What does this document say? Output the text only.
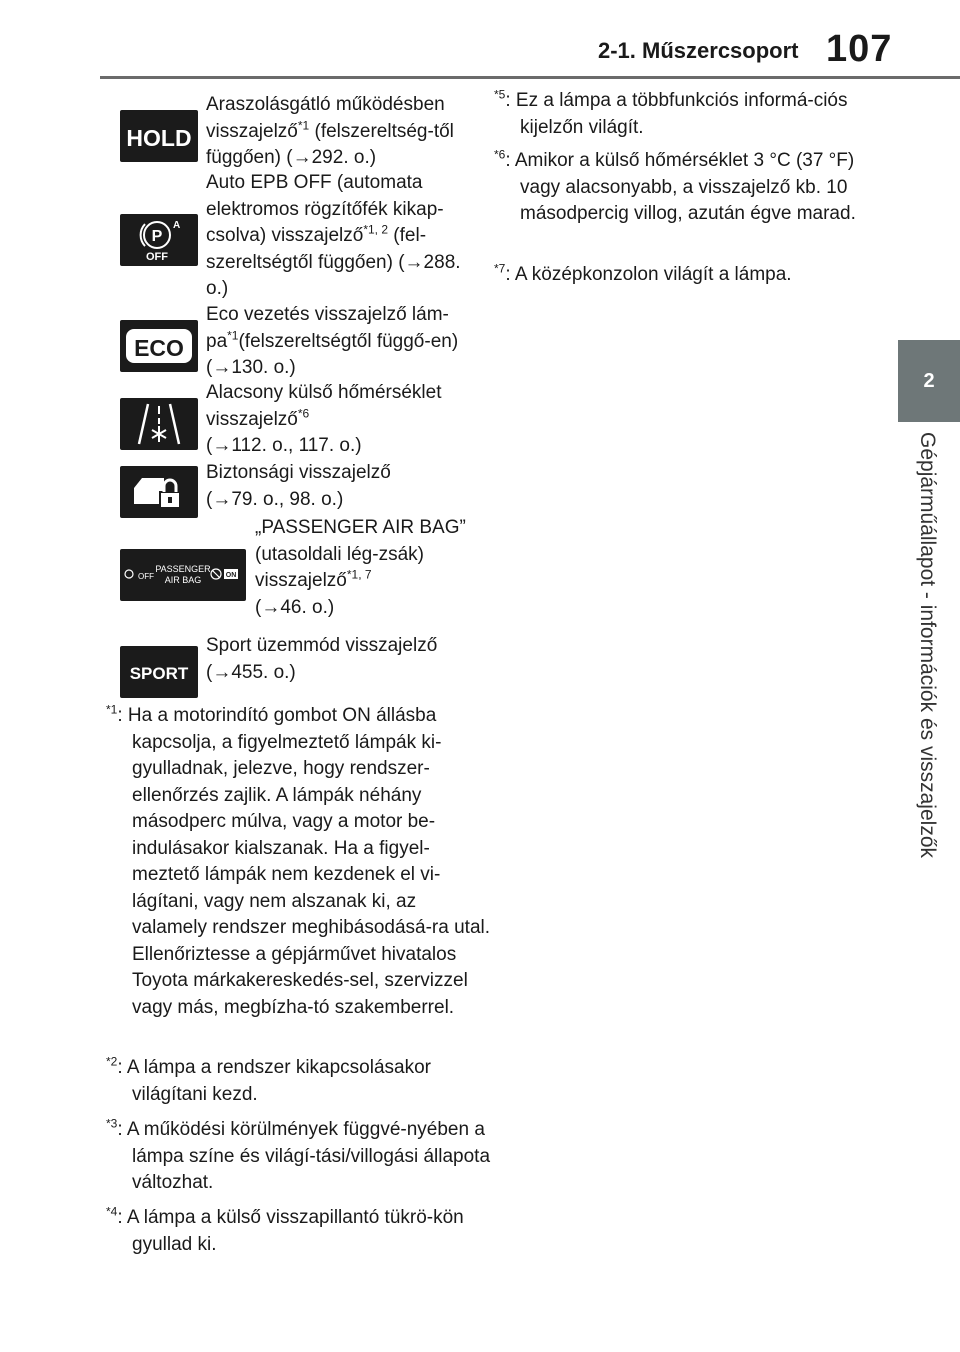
2-1. Műszercsoport 107
2
Gépjárműállapot - információk és visszajelzők
HOLD
P
A
OFF
ECO
PASSENGER
AIR BAG
OFF	ON
SPORT
Araszolásgátló működésben visszajelző$^{*1}$ (felszereltség-től függően) (→292. o.)
Auto EPB OFF (automata elektromos rögzítőfék kikap-csolva) visszajelző$^{*1, 2}$ (fel-szereltségtől függően) (→288. o.)
Eco vezetés visszajelző lám-$pa^{*1}(felszereltségtől$ függő-en) (→130. o.)
Alacsony külső hőmérséklet visszajelző$^{*6}$
(→112. o., 117. o.)
Biztonsági visszajelző
(→79. o., 98. o.)
„PASSENGER AIR BAG” (utasoldali lég-zsák) visszajelző$^{*1, 7}$
(→46. o.)
Sport üzemmód visszajelző
(→455. o.)
$^{*1}$: Ha a motorindító gombot ON állásba kapcsolja, a figyelmeztető lámpák ki-gyulladnak, jelezve, hogy rendszer-ellenőrzés zajlik. A lámpák néhány másodperc múlva, vagy a motor be-indulásakor kialszanak. Ha a figyel-meztető lámpák nem kezdenek el vi-lágítani, vagy nem alszanak ki, az valamely rendszer meghibásodásá-ra utal. Ellenőriztesse a gépjárművet hivatalos Toyota márkakereskedés-sel, szervizzel vagy más, megbízha-tó szakemberrel.
$^{*2}$: A lámpa a rendszer kikapcsolásakor világítani kezd.
$^{*3}$: A működési körülmények függvé-nyében a lámpa színe és világí-tási/villogási állapota változhat.
$^{*4}$: A lámpa a külső visszapillantó tükrö-kön gyullad ki.
$^{*5}$: Ez a lámpa a többfunkciós informá-ciós kijelzőn világít.
$^{*6}$: Amikor a külső hőmérséklet 3 °C (37 °F) vagy alacsonyabb, a visszajelző kb. 10 másodpercig villog, azután égve marad.
$^{*7}$: A középkonzolon világít a lámpa.
